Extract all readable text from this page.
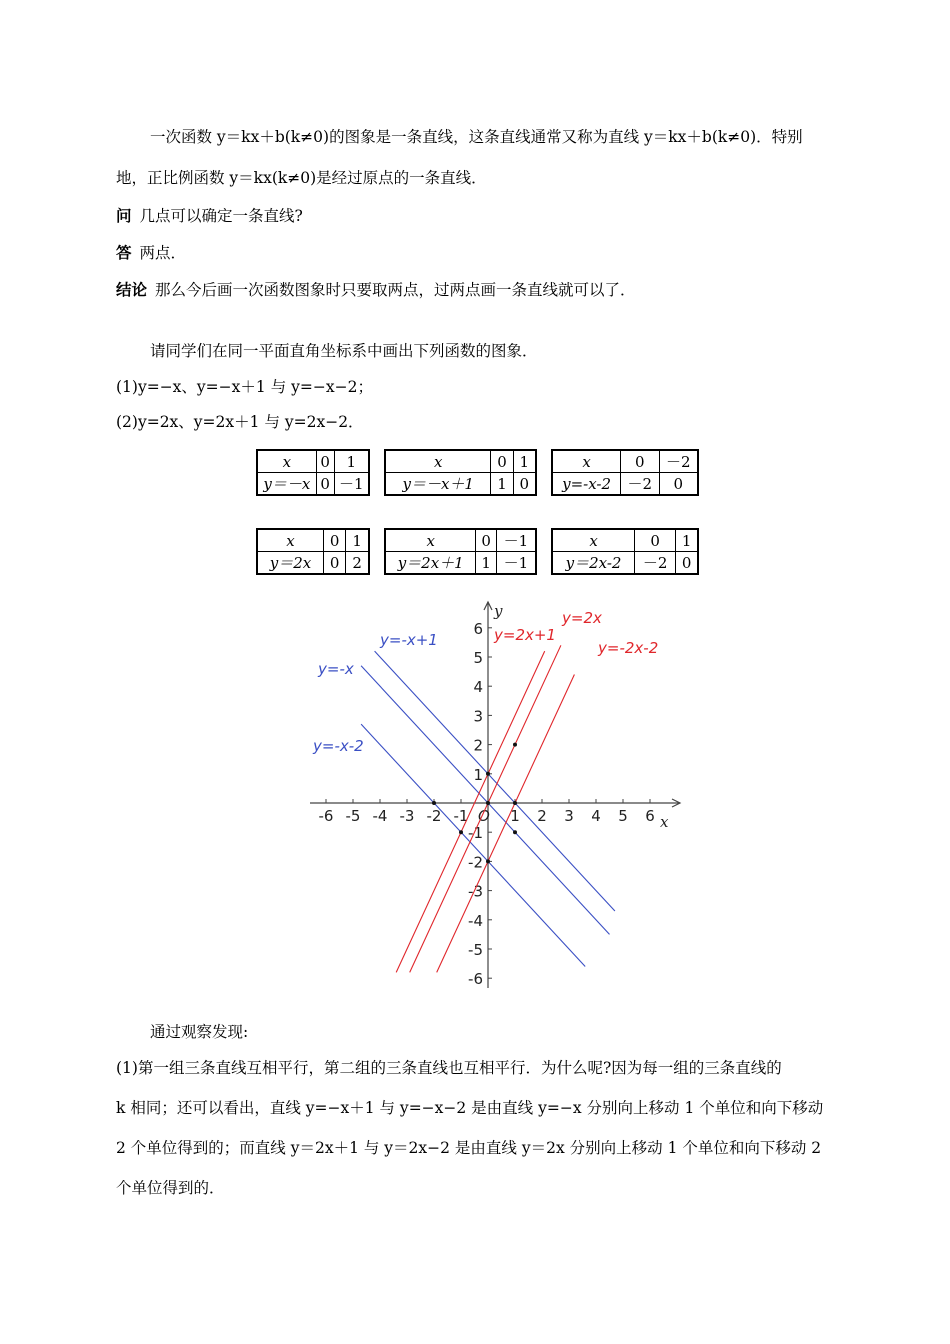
一次函数 y＝kx＋b(k≠0)的图象是一条直线，这条直线通常又称为直线 y＝kx＋b(k≠0)．特别
地，正比例函数 y＝kx(k≠0)是经过原点的一条直线．
问 几点可以确定一条直线?
答 两点．
结论 那么今后画一次函数图象时只要取两点，过两点画一条直线就可以了．
请同学们在同一平面直角坐标系中画出下列函数的图象．
(1)y=−x、y=−x＋1 与 y=−x−2；
(2)y=2x、y=2x＋1 与 y=2x−2．
x	0	1
y＝－x	0	－1
x	0	1
y＝－x＋1	1	0
x	0	－2
y=-x-2	－2	0
x	0	1
y＝2x	0	2
x	0	－1
y＝2x＋1	1	－1
x	0	1
y＝2x-2	－2	0
-6 -5 -4 -3 -2 -1	1 2 3 4 5 6
6
5
4
3
2
1
-1
-2
-3
-4
-5
-6
O	x
y
y=-x+1
y=-x
y=-x-2
y=2x+1
y=2x
y=-2x-2
通过观察发现:
(1)第一组三条直线互相平行，第二组的三条直线也互相平行．为什么呢?因为每一组的三条直线的
k 相同；还可以看出，直线 y=−x＋1 与 y=−x−2 是由直线 y=−x 分别向上移动 1 个单位和向下移动
2 个单位得到的；而直线 y＝2x＋1 与 y＝2x−2 是由直线 y＝2x 分别向上移动 1 个单位和向下移动 2
个单位得到的．
